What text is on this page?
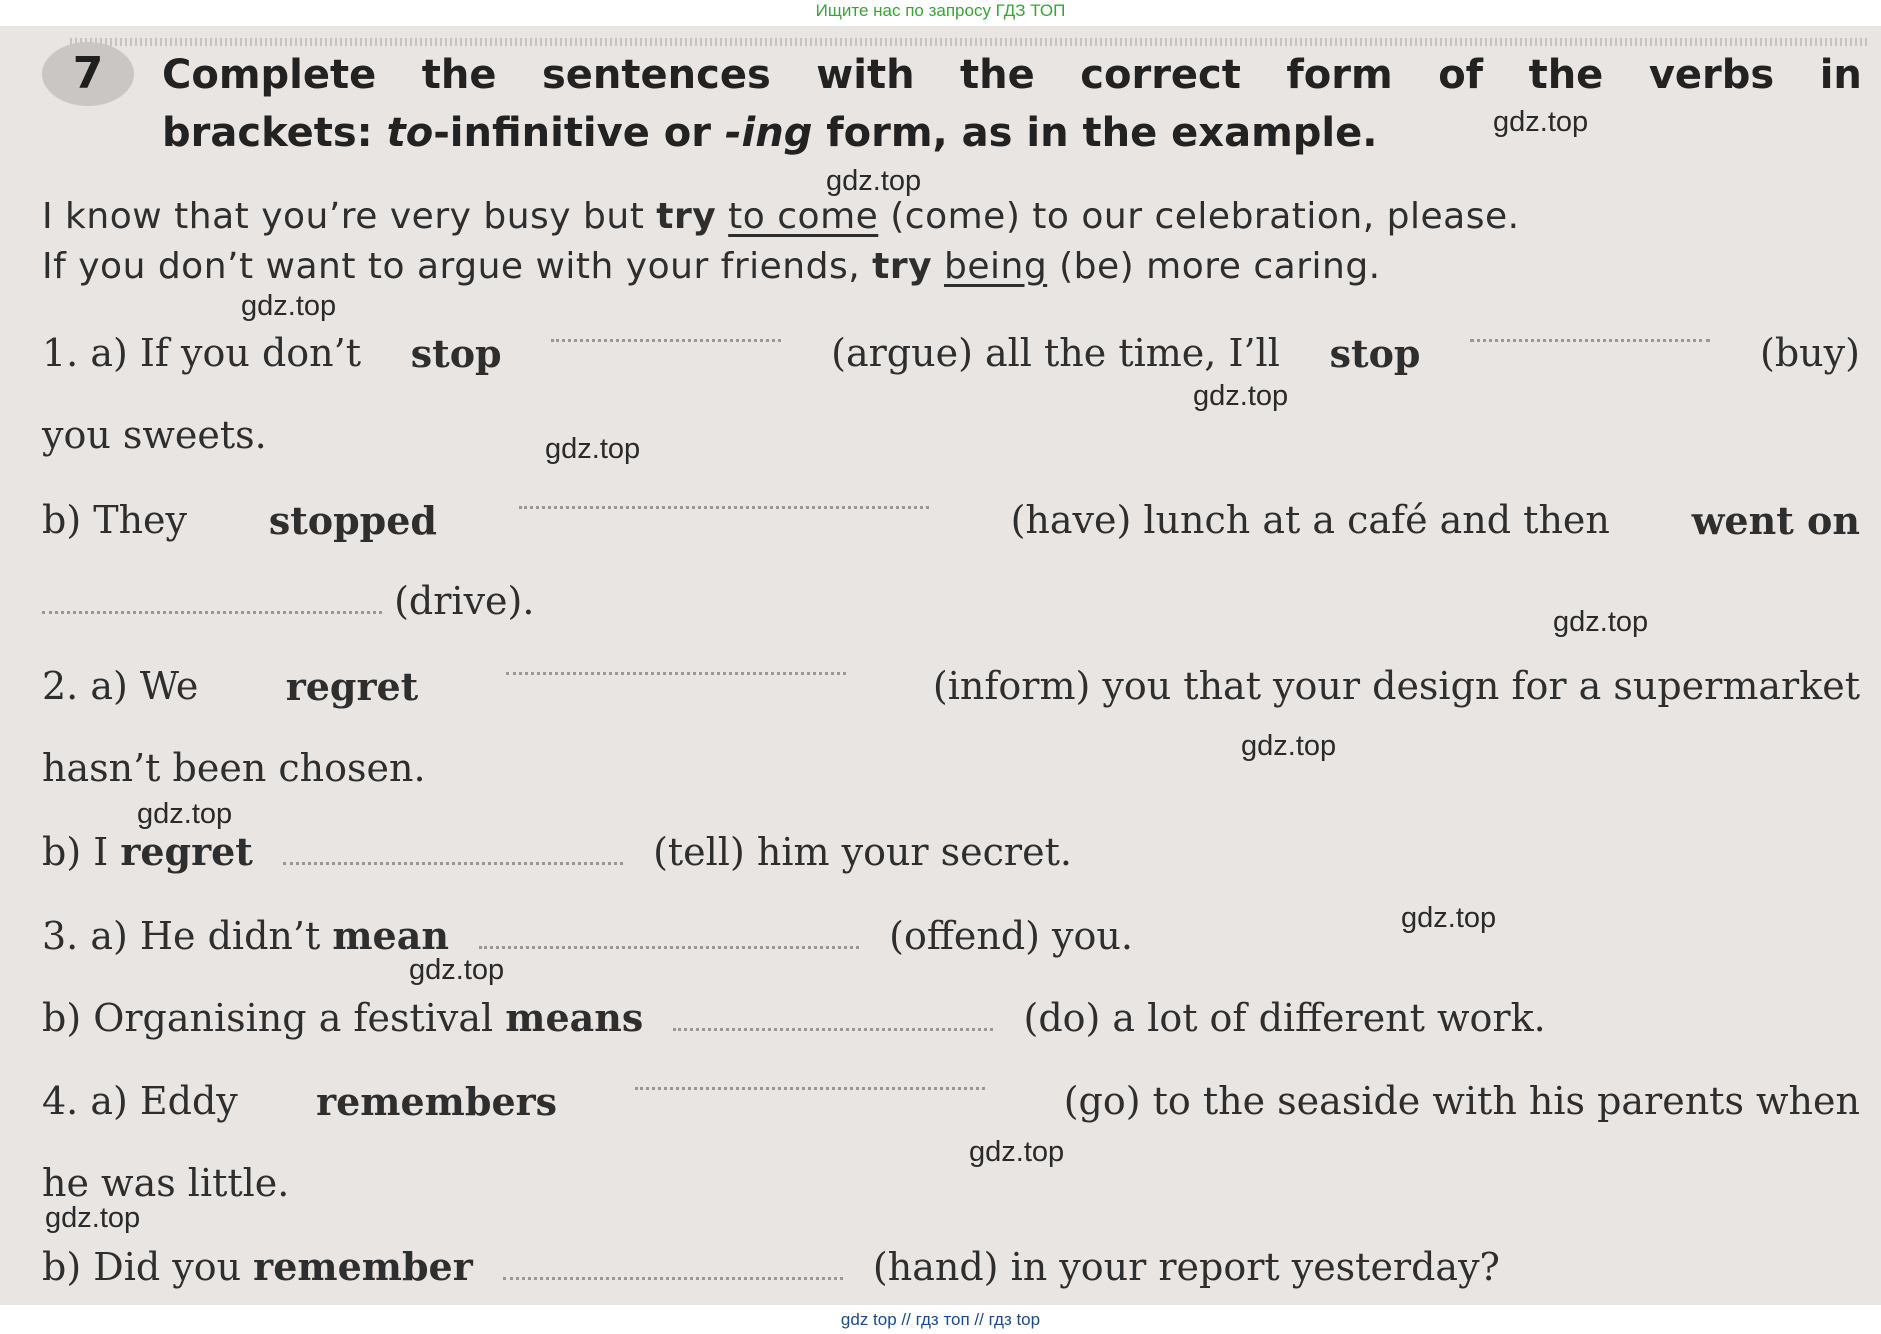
Ищите нас по запросу ГДЗ ТОП
7	Complete the sentences with the correct form of the verbs in
brackets: to-infinitive or -ing form, as in the example.
I know that you’re very busy but try to come (come) to our celebration, please.
If you don’t want to argue with your friends, try being (be) more caring.
1. a) If you don’t stop	(argue) all the time, I’ll stop	(buy)
you sweets.
b) They stopped	(have) lunch at a café and then went on
(drive).
2. a) We regret	(inform) you that your design for a supermarket
hasn’t been chosen.
b) I regret	(tell) him your secret.
3. a) He didn’t mean	(offend) you.
b) Organising a festival means	(do) a lot of different work.
4. a) Eddy remembers	(go) to the seaside with his parents when
he was little.
b) Did you remember	(hand) in your report yesterday?
gdz.top
gdz.top
gdz.top
gdz.top
gdz.top
gdz.top
gdz.top
gdz.top
gdz.top
gdz.top
gdz.top
gdz.top
gdz top // гдз топ // гдз top
